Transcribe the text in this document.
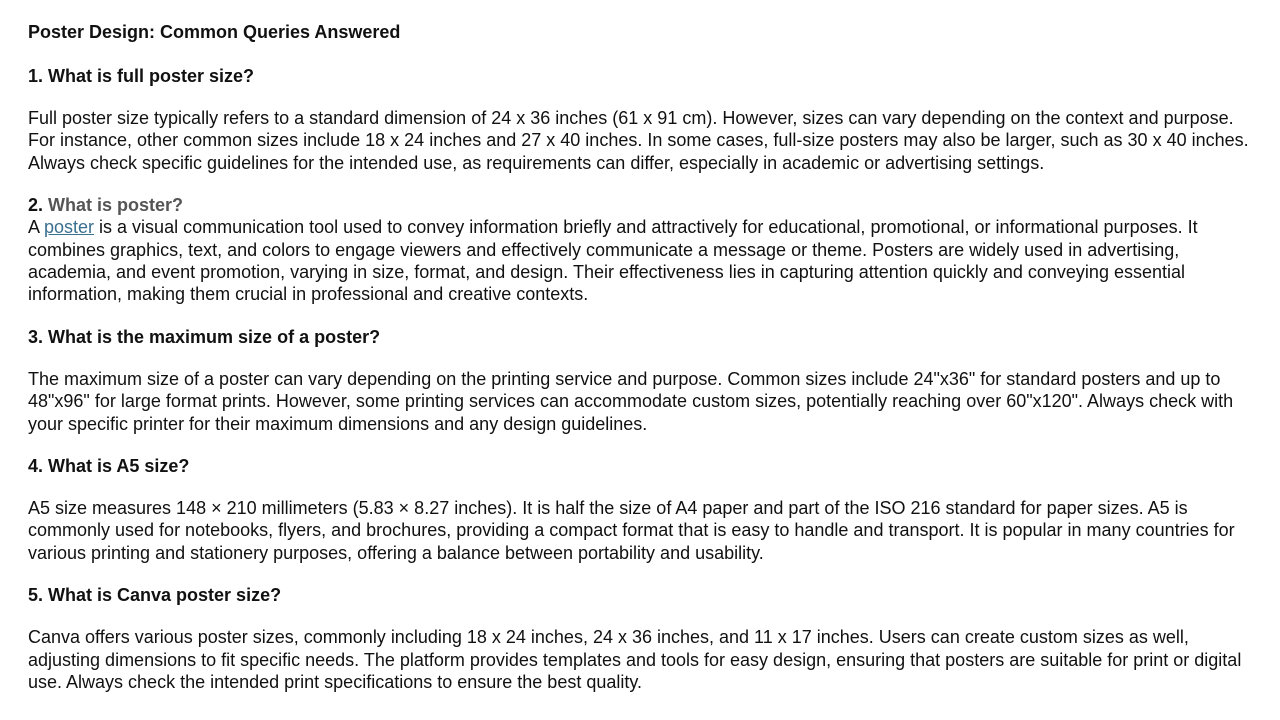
Poster Design: Common Queries Answered
1. What is full poster size?

Full poster size typically refers to a standard dimension of 24 x 36 inches (61 x 91 cm). However, sizes can vary depending on the context and purpose. For instance, other common sizes include 18 x 24 inches and 27 x 40 inches. In some cases, full-size posters may also be larger, such as 30 x 40 inches. Always check specific guidelines for the intended use, as requirements can differ, especially in academic or advertising settings.

2. What is poster?

A poster is a visual communication tool used to convey information briefly and attractively for educational, promotional, or informational purposes. It combines graphics, text, and colors to engage viewers and effectively communicate a message or theme. Posters are widely used in advertising, academia, and event promotion, varying in size, format, and design. Their effectiveness lies in capturing attention quickly and conveying essential information, making them crucial in professional and creative contexts.

3. What is the maximum size of a poster?

The maximum size of a poster can vary depending on the printing service and purpose. Common sizes include 24"x36" for standard posters and up to 48"x96" for large format prints. However, some printing services can accommodate custom sizes, potentially reaching over 60"x120". Always check with your specific printer for their maximum dimensions and any design guidelines.

4. What is A5 size?

A5 size measures 148 × 210 millimeters (5.83 × 8.27 inches). It is half the size of A4 paper and part of the ISO 216 standard for paper sizes. A5 is commonly used for notebooks, flyers, and brochures, providing a compact format that is easy to handle and transport. It is popular in many countries for various printing and stationery purposes, offering a balance between portability and usability.

5. What is Canva poster size?

Canva offers various poster sizes, commonly including 18 x 24 inches, 24 x 36 inches, and 11 x 17 inches. Users can create custom sizes as well, adjusting dimensions to fit specific needs. The platform provides templates and tools for easy design, ensuring that posters are suitable for print or digital use. Always check the intended print specifications to ensure the best quality.
